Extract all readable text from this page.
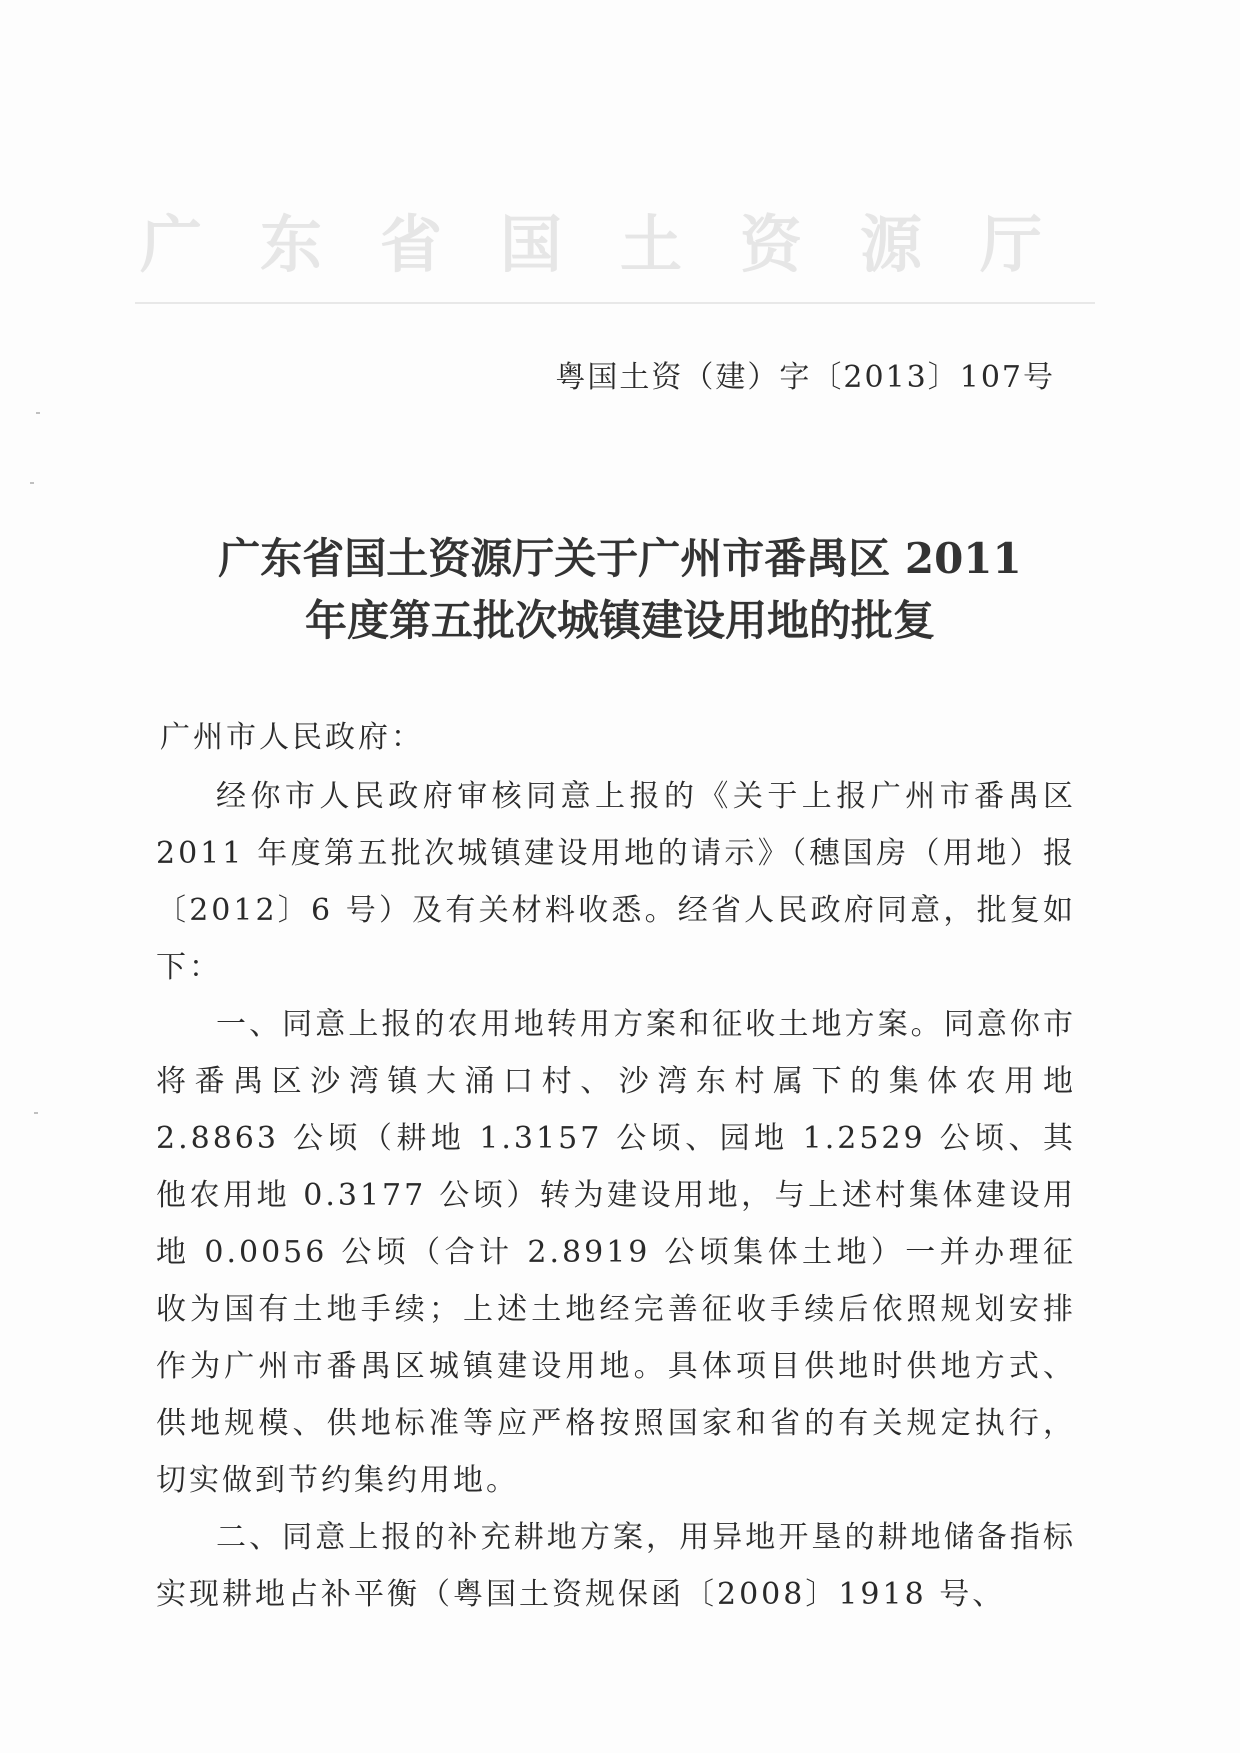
广东省国土资源厅
粤国土资（建）字〔2013〕107号
广东省国土资源厅关于广州市番禺区 2011
年度第五批次城镇建设用地的批复
广州市人民政府：

经你市人民政府审核同意上报的《关于上报广州市番禺区 2011 年度第五批次城镇建设用地的请示》（穗国房（用地）报〔2012〕6 号）及有关材料收悉。经省人民政府同意，批复如下：

一、同意上报的农用地转用方案和征收土地方案。同意你市将番禺区沙湾镇大涌口村、沙湾东村属下的集体农用地 2.8863 公顷（耕地 1.3157 公顷、园地 1.2529 公顷、其他农用地 0.3177 公顷）转为建设用地，与上述村集体建设用地 0.0056 公顷（合计 2.8919 公顷集体土地）一并办理征收为国有土地手续；上述土地经完善征收手续后依照规划安排作为广州市番禺区城镇建设用地。具体项目供地时供地方式、供地规模、供地标准等应严格按照国家和省的有关规定执行，切实做到节约集约用地。

二、同意上报的补充耕地方案，用异地开垦的耕地储备指标实现耕地占补平衡（粤国土资规保函〔2008〕1918 号、
